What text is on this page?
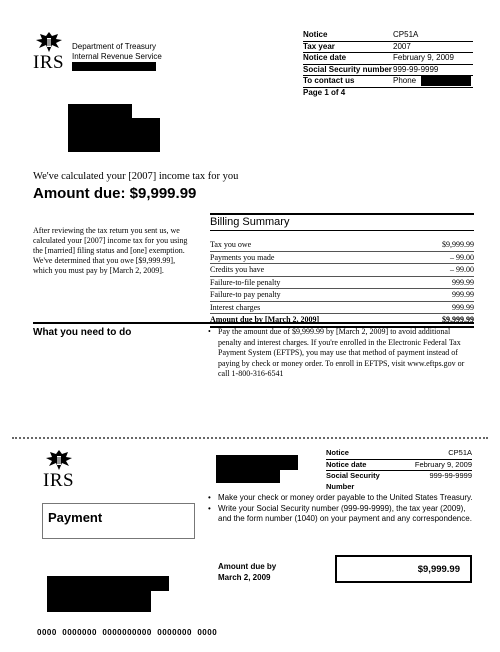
IRS
Department of Treasury
Internal Revenue Service
Notice	CP51A
Tax year	2007
Notice date	February 9, 2009
Social Security number 999-99-9999
To contact us	Phone
Page 1 of 4
We've calculated your [2007] income tax for you
Amount due: $9,999.99
After reviewing the tax return you sent us, we calculated your [2007] income tax for you using the [married] filing status and [one] exemption. We've determined that you owe [$9,999.99], which you must pay by [March 2, 2009].
Billing Summary
Tax you owe	$9,999.99
Payments you made	– 99.00
Credits you have	– 99.00
Failure-to-file penalty	999.99
Failure-to pay penalty	999.99
Interest charges	999.99
Amount due by [March 2, 2009]	$9,999.99
What you need to do	• Pay the amount due of $9,999.99 by [March 2, 2009] to avoid additional penalty and interest charges. If you're enrolled in the Electronic Federal Tax Payment System (EFTPS), you may use that method of payment instead of paying by check or money order. To enroll in EFTPS, visit www.eftps.gov or call 1-800-316-6541
IRS
Notice	CP51A
Notice date	February 9, 2009
Social Security Number
999-99-9999
Payment
• Make your check or money order payable to the United States Treasury.
• Write your Social Security number (999-99-9999), the tax year (2009), and the form number (1040) on your payment and any correspondence.
Amount due by
March 2, 2009
$9,999.99
0000  0000000  0000000000  0000000  0000
